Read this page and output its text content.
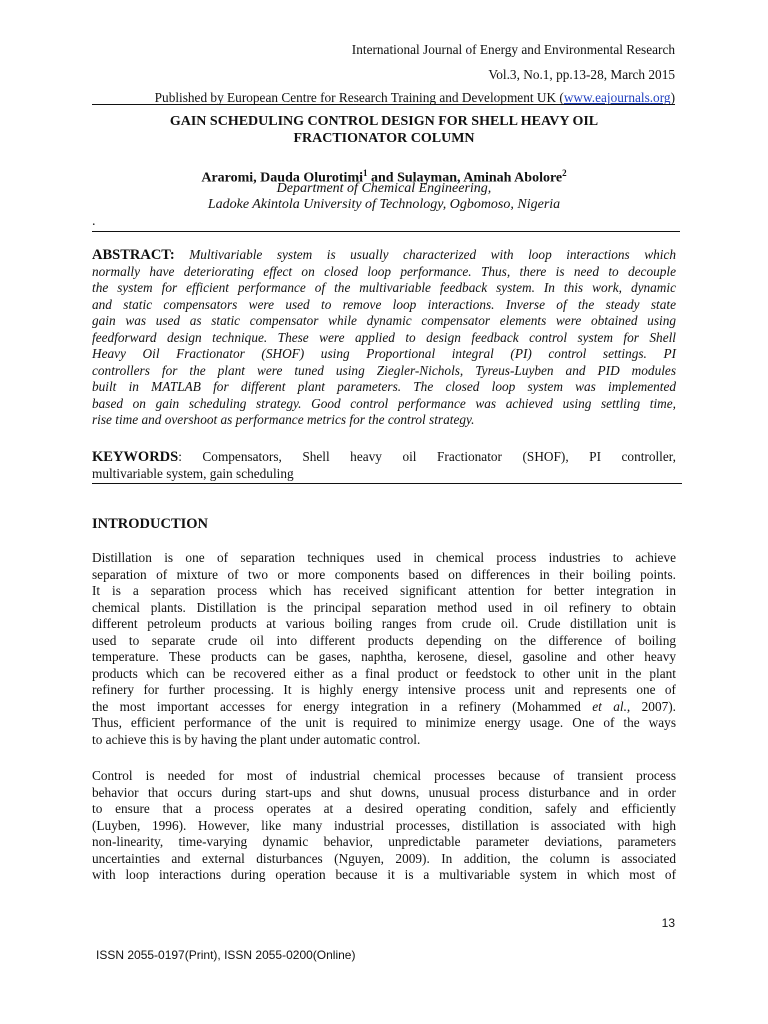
International Journal of Energy and Environmental Research
Vol.3, No.1, pp.13-28, March 2015
Published by European Centre for Research Training and Development UK (www.eajournals.org)
GAIN SCHEDULING CONTROL DESIGN FOR SHELL HEAVY OIL
FRACTIONATOR COLUMN
Araromi, Dauda Olurotimi$^1$ and Sulayman, Aminah Abolore$^2$
Department of Chemical Engineering,
Ladoke Akintola University of Technology, Ogbomoso, Nigeria
.
ABSTRACT: Multivariable system is usually characterized with loop interactions which
normally have deteriorating effect on closed loop performance. Thus, there is need to decouple
the system for efficient performance of the multivariable feedback system. In this work, dynamic
and static compensators were used to remove loop interactions. Inverse of the steady state
gain was used as static compensator while dynamic compensator elements were obtained using
feedforward design technique. These were applied to design feedback control system for Shell
Heavy Oil Fractionator (SHOF) using Proportional integral (PI) control settings. PI
controllers for the plant were tuned using Ziegler-Nichols, Tyreus-Luyben and PID modules
built in MATLAB for different plant parameters. The closed loop system was implemented
based on gain scheduling strategy. Good control performance was achieved using settling time,
rise time and overshoot as performance metrics for the control strategy.
KEYWORDS: Compensators, Shell heavy oil Fractionator (SHOF), PI controller,
multivariable system, gain scheduling
INTRODUCTION
Distillation is one of separation techniques used in chemical process industries to achieve
separation of mixture of two or more components based on differences in their boiling points.
It is a separation process which has received significant attention for better integration in
chemical plants. Distillation is the principal separation method used in oil refinery to obtain
different petroleum products at various boiling ranges from crude oil. Crude distillation unit is
used to separate crude oil into different products depending on the difference of boiling
temperature. These products can be gases, naphtha, kerosene, diesel, gasoline and other heavy
products which can be recovered either as a final product or feedstock to other unit in the plant
refinery for further processing. It is highly energy intensive process unit and represents one of
the most important accesses for energy integration in a refinery (Mohammed et al., 2007).
Thus, efficient performance of the unit is required to minimize energy usage. One of the ways
to achieve this is by having the plant under automatic control.
Control is needed for most of industrial chemical processes because of transient process
behavior that occurs during start-ups and shut downs, unusual process disturbance and in order
to ensure that a process operates at a desired operating condition, safely and efficiently
(Luyben, 1996). However, like many industrial processes, distillation is associated with high
non-linearity, time-varying dynamic behavior, unpredictable parameter deviations, parameters
uncertainties and external disturbances (Nguyen, 2009). In addition, the column is associated
with loop interactions during operation because it is a multivariable system in which most of
13
ISSN 2055-0197(Print), ISSN 2055-0200(Online)
